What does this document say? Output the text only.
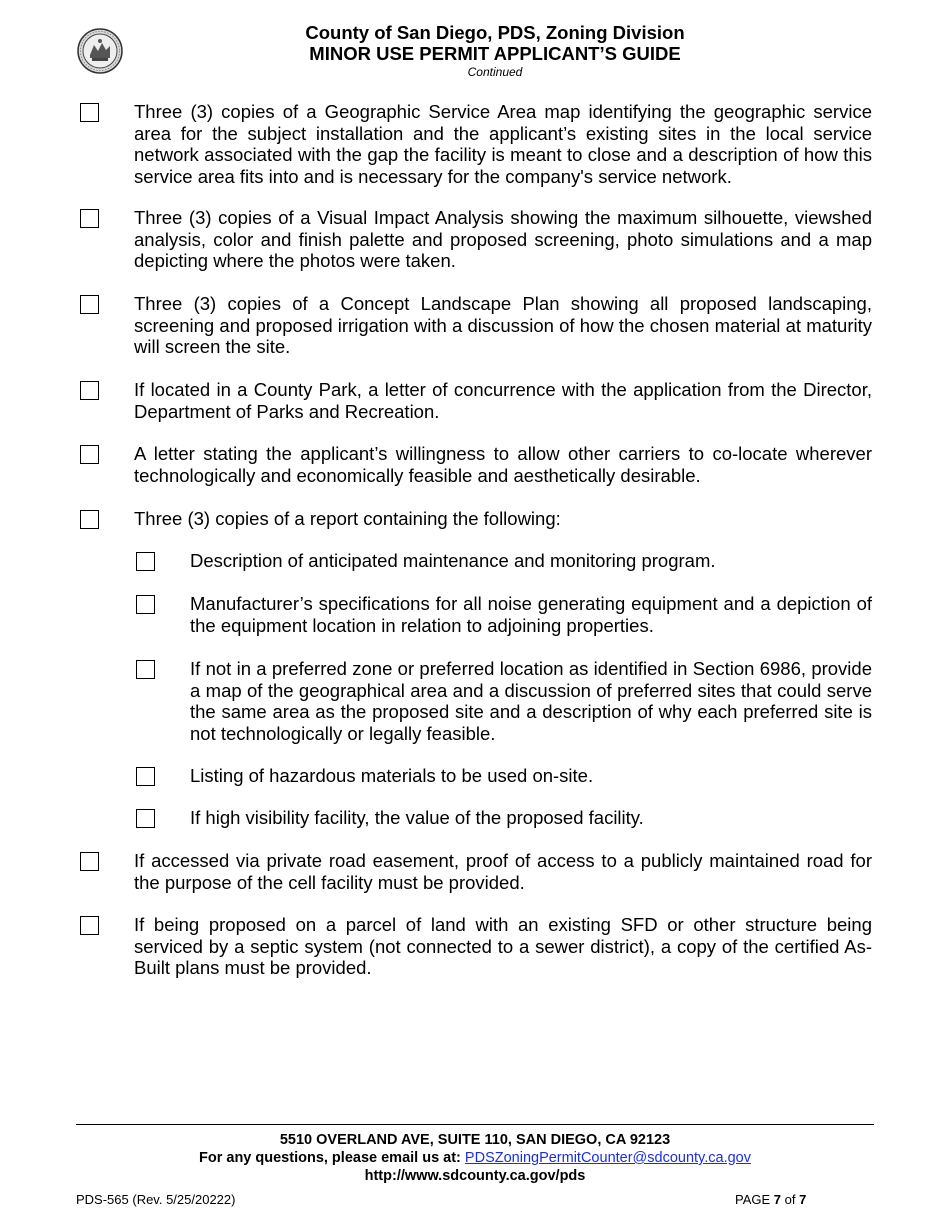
County of San Diego, PDS, Zoning Division
MINOR USE PERMIT APPLICANT’S GUIDE
Continued
Three (3) copies of a Geographic Service Area map identifying the geographic service area for the subject installation and the applicant’s existing sites in the local service network associated with the gap the facility is meant to close and a description of how this service area fits into and is necessary for the company's service network.
Three (3) copies of a Visual Impact Analysis showing the maximum silhouette, viewshed analysis, color and finish palette and proposed screening, photo simulations and a map depicting where the photos were taken.
Three (3) copies of a Concept Landscape Plan showing all proposed landscaping, screening and proposed irrigation with a discussion of how the chosen material at maturity will screen the site.
If located in a County Park, a letter of concurrence with the application from the Director, Department of Parks and Recreation.
A letter stating the applicant’s willingness to allow other carriers to co-locate wherever technologically and economically feasible and aesthetically desirable.
Three (3) copies of a report containing the following:
Description of anticipated maintenance and monitoring program.
Manufacturer’s specifications for all noise generating equipment and a depiction of the equipment location in relation to adjoining properties.
If not in a preferred zone or preferred location as identified in Section 6986, provide a map of the geographical area and a discussion of preferred sites that could serve the same area as the proposed site and a description of why each preferred site is not technologically or legally feasible.
Listing of hazardous materials to be used on-site.
If high visibility facility, the value of the proposed facility.
If accessed via private road easement, proof of access to a publicly maintained road for the purpose of the cell facility must be provided.
If being proposed on a parcel of land with an existing SFD or other structure being serviced by a septic system (not connected to a sewer district), a copy of the certified As-Built plans must be provided.
5510 OVERLAND AVE, SUITE 110, SAN DIEGO, CA 92123
For any questions, please email us at: PDSZoningPermitCounter@sdcounty.ca.gov
http://www.sdcounty.ca.gov/pds
PDS-565 (Rev. 5/25/20222)	PAGE 7 of 7
